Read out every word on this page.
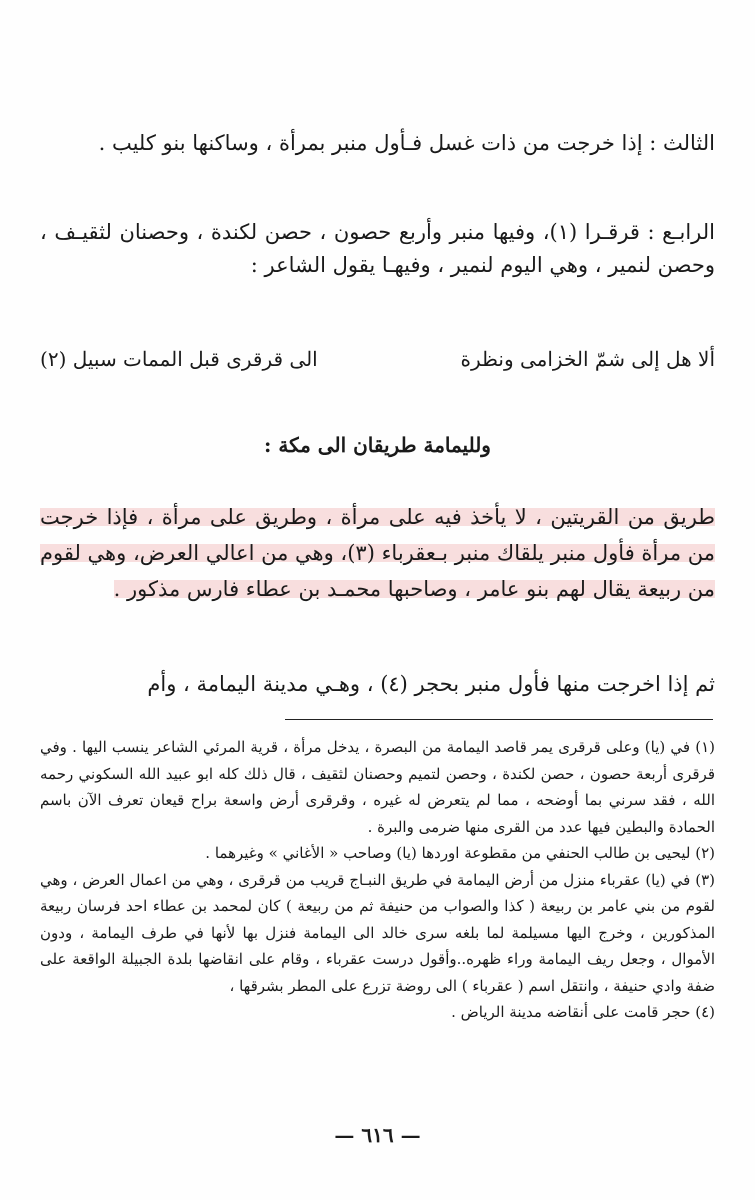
الثالث : إذا خرجت من ذات غسل فـأول منبر بمرأة ، وساكنها بنو كليب .
الرابـع : قرقـرا (١)، وفيها منبر وأربع حصون ، حصن لكندة ، وحصنان لثقيـف ، وحصن لنمير ، وهي اليوم لنمير ، وفيهـا يقول الشاعر :
ألا هل إلى شمّ الخزامى ونظرة
الى قرقرى قبل الممات سبيل (٢)
ولليمامة طريقان الى مكة :
طريق من القريتين ، لا يأخذ فيه على مرأة ، وطريق على مرأة ، فإذا خرجت من مرأة فأول منبر يلقاك منبر بـعقرباء (٣)، وهي من اعالي العرض، وهي لقوم من ربيعة يقال لهم بنو عامر ، وصاحبها محمـد بن عطاء فارس مذكور .
ثم إذا اخرجت منها فأول منبر بحجر (٤) ، وهـي مدينة اليمامة ، وأم

(١) في (يا) وعلى قرقرى يمر قاصد اليمامة من البصرة ، يدخل مرأة ، قرية المرئي الشاعر ينسب اليها . وفي قرقرى أربعة حصون ، حصن لكندة ، وحصن لتميم وحصنان لثقيف ، قال ذلك كله ابو عبيد الله السكوني رحمه الله ، فقد سرني بما أوضحه ، مما لم يتعرض له غيره ، وقرقرى أرض واسعة براح قيعان تعرف الآن باسم الحمادة والبطين فيها عدد من القرى منها ضرمى والبرة .

(٢) ليحيى بن طالب الحنفي من مقطوعة اوردها (يا) وصاحب « الأغاني » وغيرهما .

(٣) في (يا) عقرباء منزل من أرض اليمامة في طريق النبـاج قريب من قرقرى ، وهي من اعمال العرض ، وهي لقوم من بني عامر بن ربيعة ( كذا والصواب من حنيفة ثم من ربيعة ) كان لمحمد بن عطاء احد فرسان ربيعة المذكورين ، وخرج اليها مسيلمة لما بلغه سرى خالد الى اليمامة فنزل بها لأنها في طرف اليمامة ، ودون الأموال ، وجعل ريف اليمامة وراء ظهره..وأقول درست عقرباء ، وقام على انقاضها بلدة الجبيلة الواقعة على ضفة وادي حنيفة ، وانتقل اسم ( عقرباء ) الى روضة تزرع على المطر بشرقها ،

(٤) حجر قامت على أنقاضه مدينة الرياض .

— ٦١٦ —
